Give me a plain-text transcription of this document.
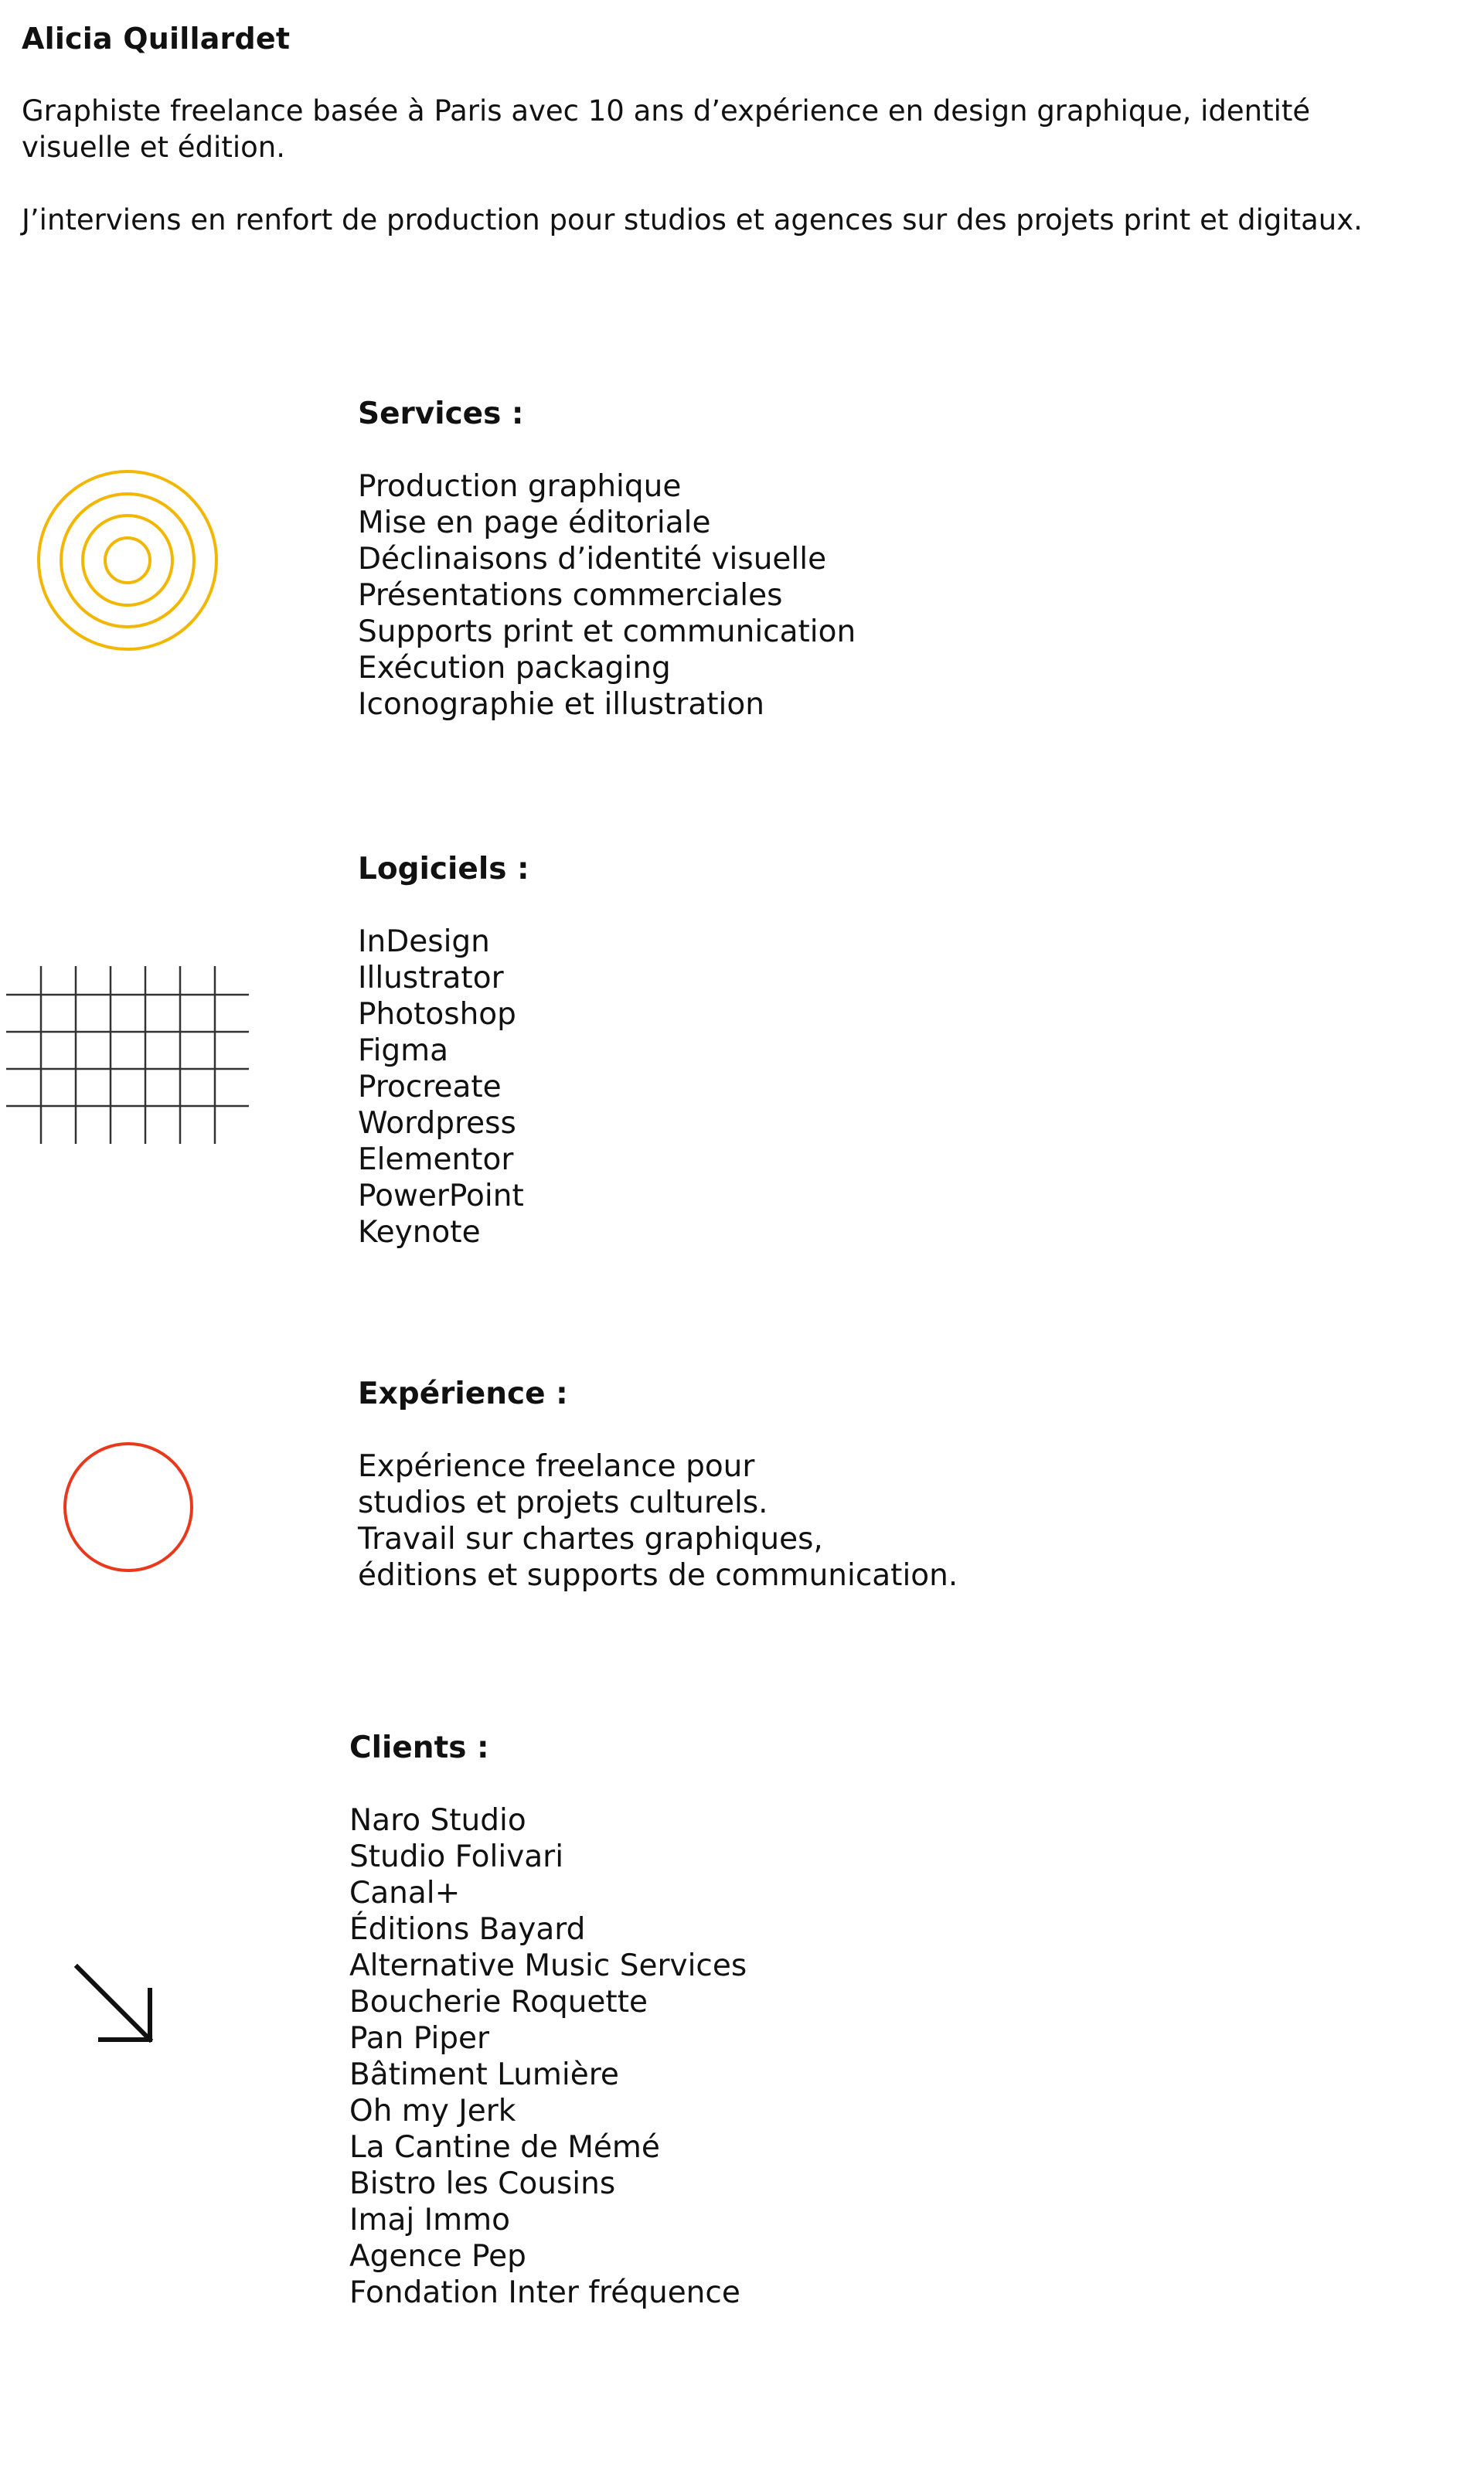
Alicia Quillardet

Graphiste freelance basée à Paris avec 10 ans d’expérience en design graphique, identité visuelle et édition.

J’interviens en renfort de production pour studios et agences sur des projets print et digitaux.

Services :
Production graphique
Mise en page éditoriale
Déclinaisons d’identité visuelle
Présentations commerciales
Supports print et communication
Exécution packaging
Iconographie et illustration
Logiciels :
InDesign
Illustrator
Photoshop
Figma
Procreate
Wordpress
Elementor
PowerPoint
Keynote
Expérience :
Expérience freelance pour
studios et projets culturels.
Travail sur chartes graphiques,
éditions et supports de communication.
Clients :
Naro Studio
Studio Folivari
Canal+
Éditions Bayard
Alternative Music Services
Boucherie Roquette
Pan Piper
Bâtiment Lumière
Oh my Jerk
La Cantine de Mémé
Bistro les Cousins
Imaj Immo
Agence Pep
Fondation Inter fréquence
